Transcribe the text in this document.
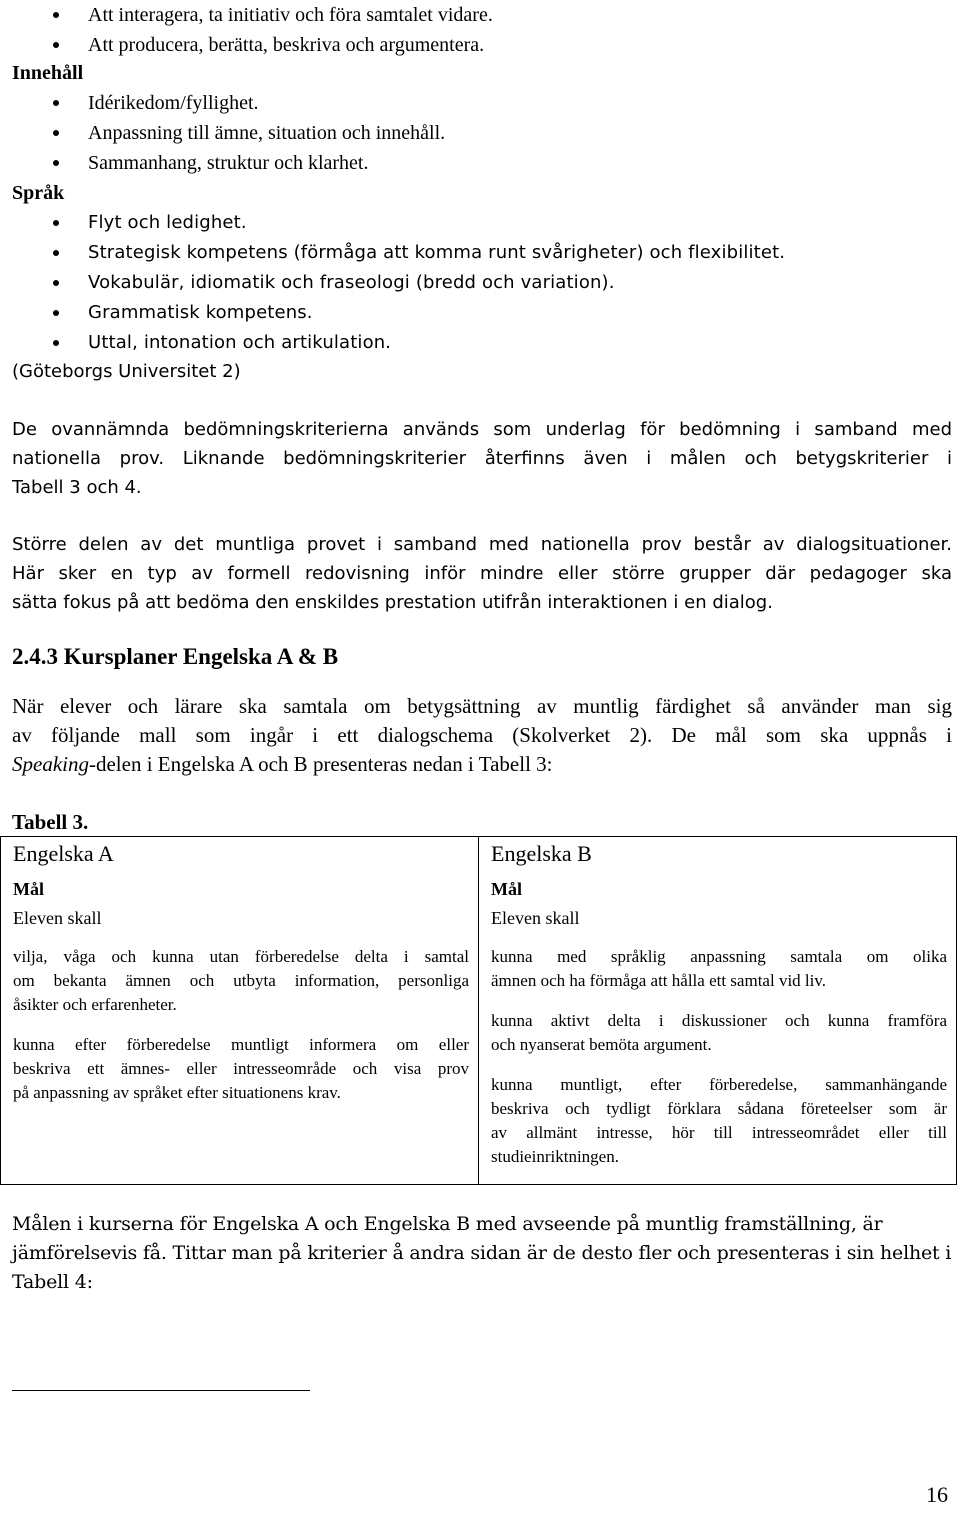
Att interagera, ta initiativ och föra samtalet vidare.
Att producera, berätta, beskriva och argumentera.
Innehåll
Idérikedom/fyllighet.
Anpassning till ämne, situation och innehåll.
Sammanhang, struktur och klarhet.
Språk
Flyt och ledighet.
Strategisk kompetens (förmåga att komma runt svårigheter) och flexibilitet.
Vokabulär, idiomatik och fraseologi (bredd och variation).
Grammatisk kompetens.
Uttal, intonation och artikulation.
(Göteborgs Universitet 2)
De ovannämnda bedömningskriterierna används som underlag för bedömning i samband med
nationella prov. Liknande bedömningskriterier återfinns även i målen och betygskriterier i
Tabell 3 och 4.
Större delen av det muntliga provet i samband med nationella prov består av dialogsituationer.
Här sker en typ av formell redovisning inför mindre eller större grupper där pedagoger ska
sätta fokus på att bedöma den enskildes prestation utifrån interaktionen i en dialog.
2.4.3 Kursplaner Engelska A & B
När elever och lärare ska samtala om betygsättning av muntlig färdighet så använder man sig
av följande mall som ingår i ett dialogschema (Skolverket 2). De mål som ska uppnås i
Speaking-delen i Engelska A och B presenteras nedan i Tabell 3:
Tabell 3.
Engelska A
Mål
Eleven skall
vilja, våga och kunna utan förberedelse delta i samtal
om bekanta ämnen och utbyta information, personliga
åsikter och erfarenheter.
kunna efter förberedelse muntligt informera om eller
beskriva ett ämnes- eller intresseområde och visa prov
på anpassning av språket efter situationens krav.
Engelska B
Mål
Eleven skall
kunna med språklig anpassning samtala om olika
ämnen och ha förmåga att hålla ett samtal vid liv.
kunna aktivt delta i diskussioner och kunna framföra
och nyanserat bemöta argument.
kunna muntligt, efter förberedelse, sammanhängande
beskriva och tydligt förklara sådana företeelser som är
av allmänt intresse, hör till intresseområdet eller till
studieinriktningen.
Målen i kurserna för Engelska A och Engelska B med avseende på muntlig framställning, är
jämförelsevis få. Tittar man på kriterier å andra sidan är de desto fler och presenteras i sin helhet i
Tabell 4:
16
